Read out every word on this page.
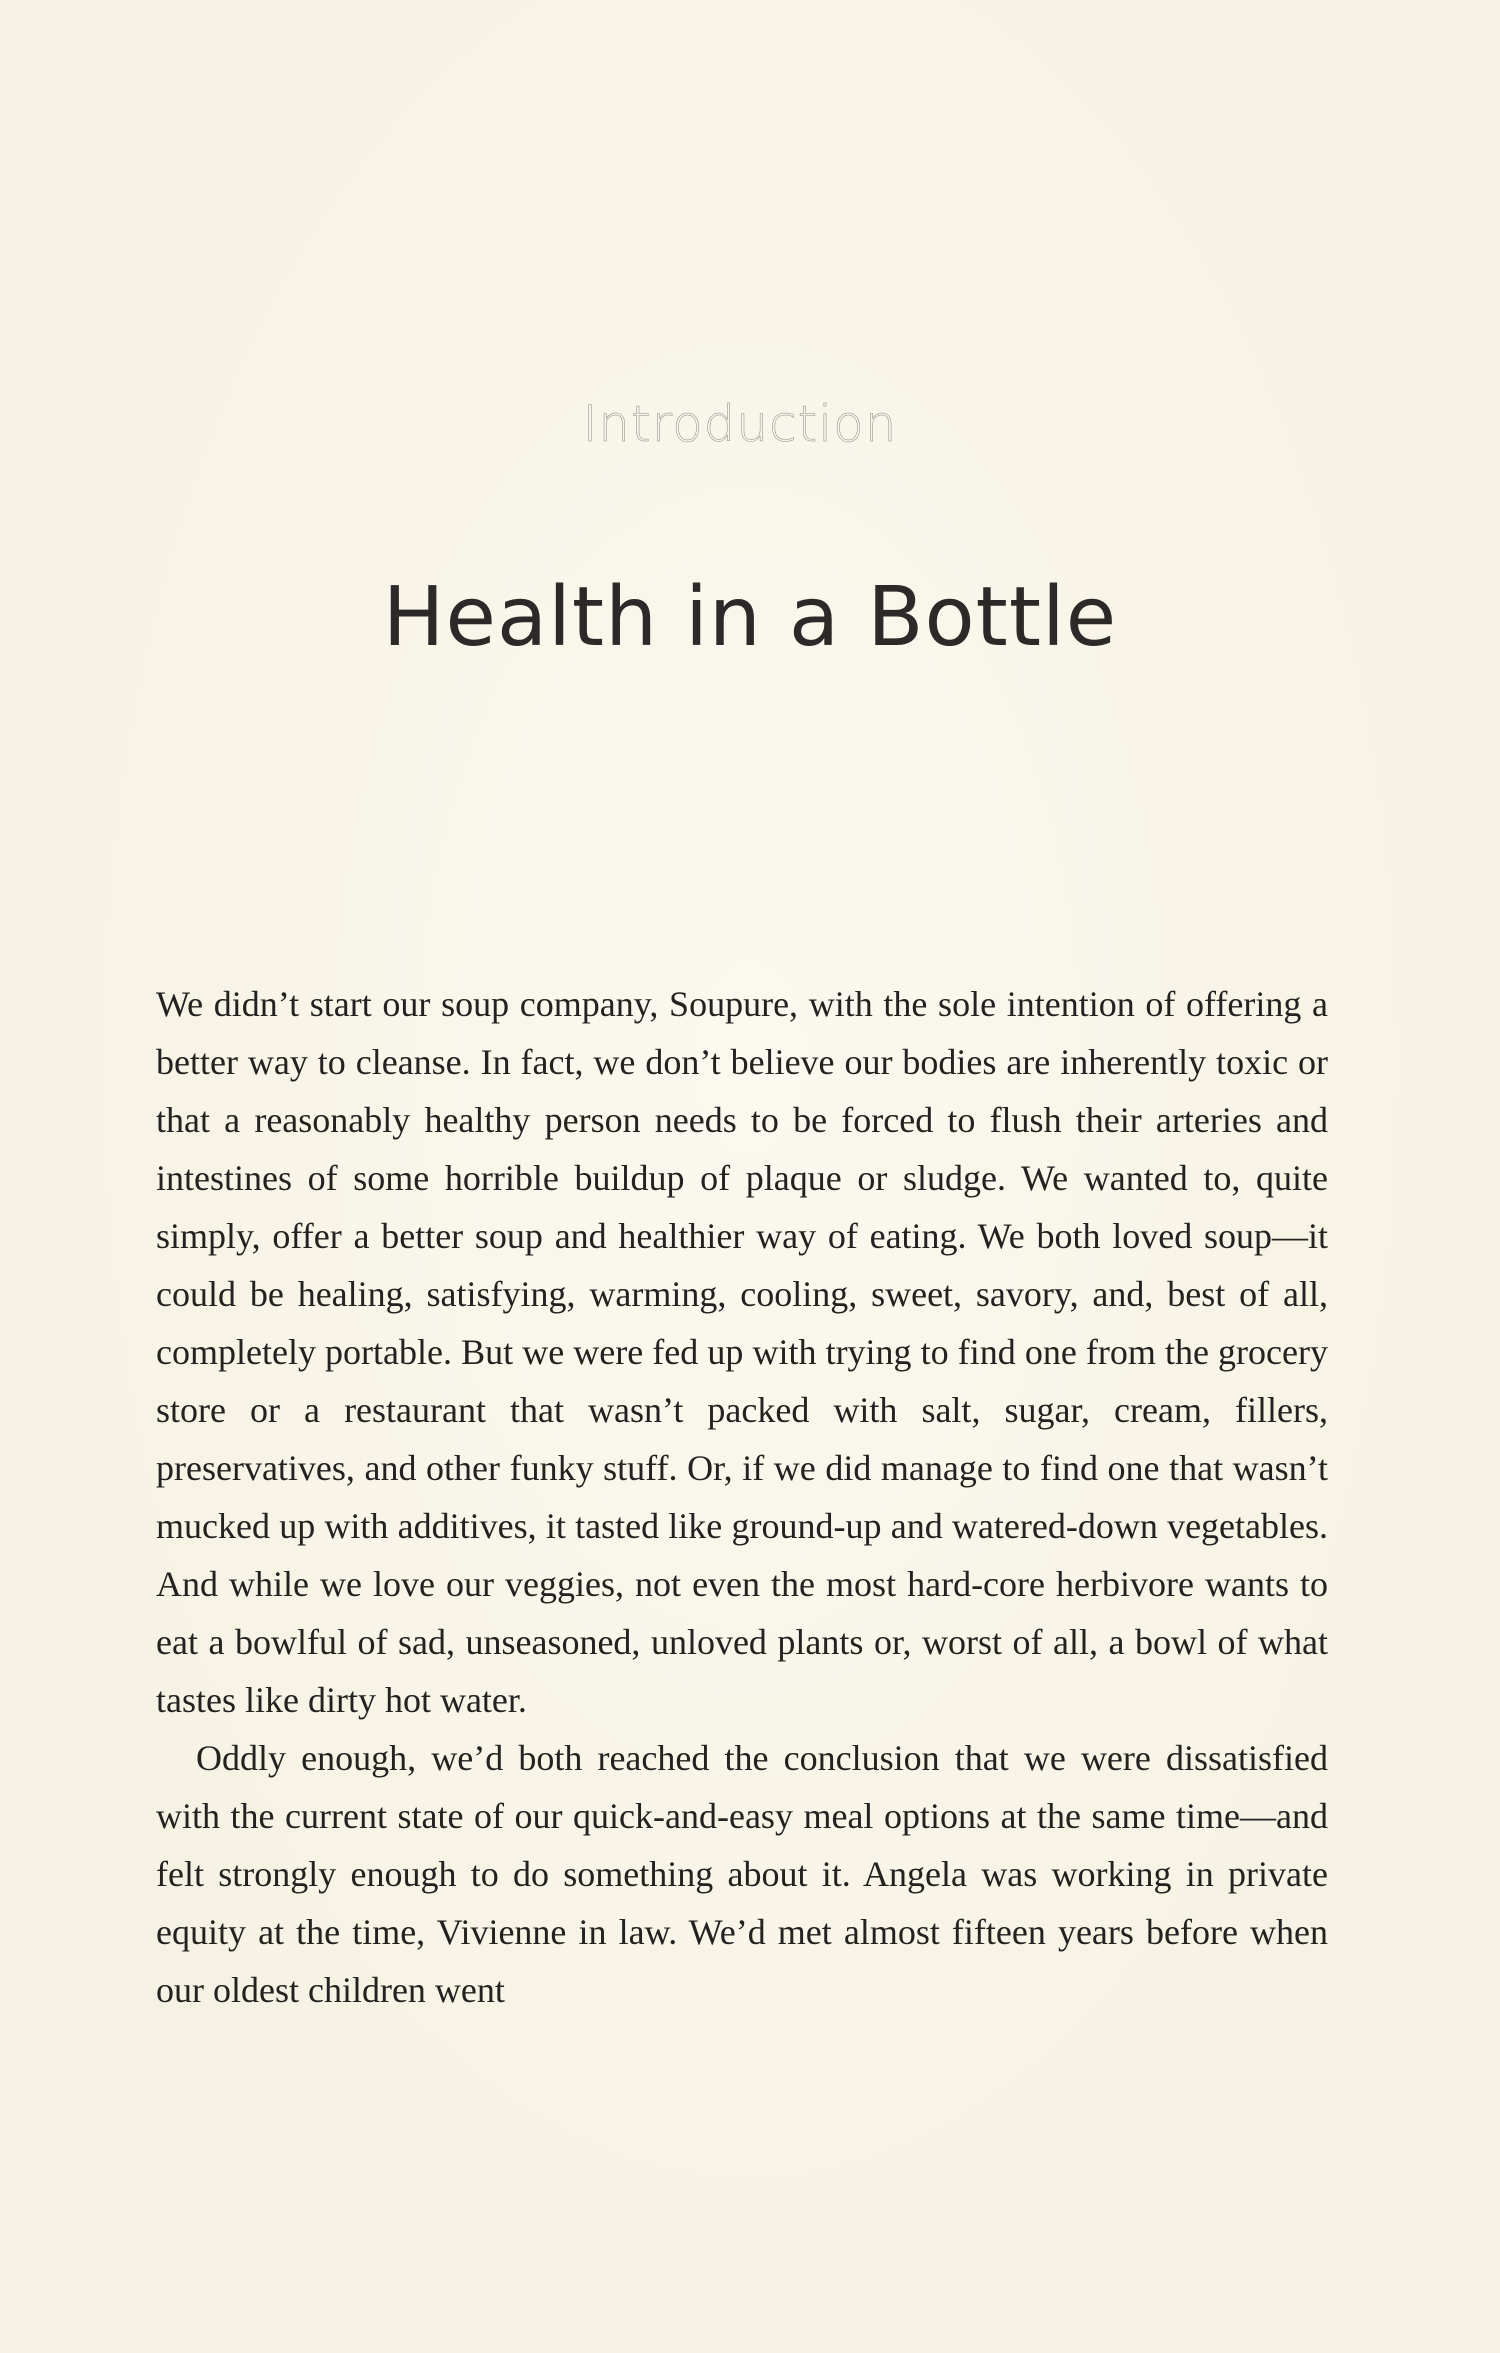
Introduction
Health in a Bottle

We didn’t start our soup company, Soupure, with the sole intention of offering a better way to cleanse. In fact, we don’t believe our bodies are inherently toxic or that a reasonably healthy person needs to be forced to flush their arteries and intestines of some horrible buildup of plaque or sludge. We wanted to, quite simply, offer a better soup and healthier way of eating. We both loved soup—it could be healing, satisfying, warming, cooling, sweet, savory, and, best of all, completely portable. But we were fed up with trying to find one from the grocery store or a restaurant that wasn’t packed with salt, sugar, cream, fillers, preservatives, and other funky stuff. Or, if we did manage to find one that wasn’t mucked up with additives, it tasted like ground-up and watered-down vegetables. And while we love our veggies, not even the most hard-core herbivore wants to eat a bowlful of sad, unseasoned, unloved plants or, worst of all, a bowl of what tastes like dirty hot water.

Oddly enough, we’d both reached the conclusion that we were dissatisfied with the current state of our quick-and-easy meal options at the same time—and felt strongly enough to do something about it. Angela was working in private equity at the time, Vivienne in law. We’d met almost fifteen years before when our oldest children went
